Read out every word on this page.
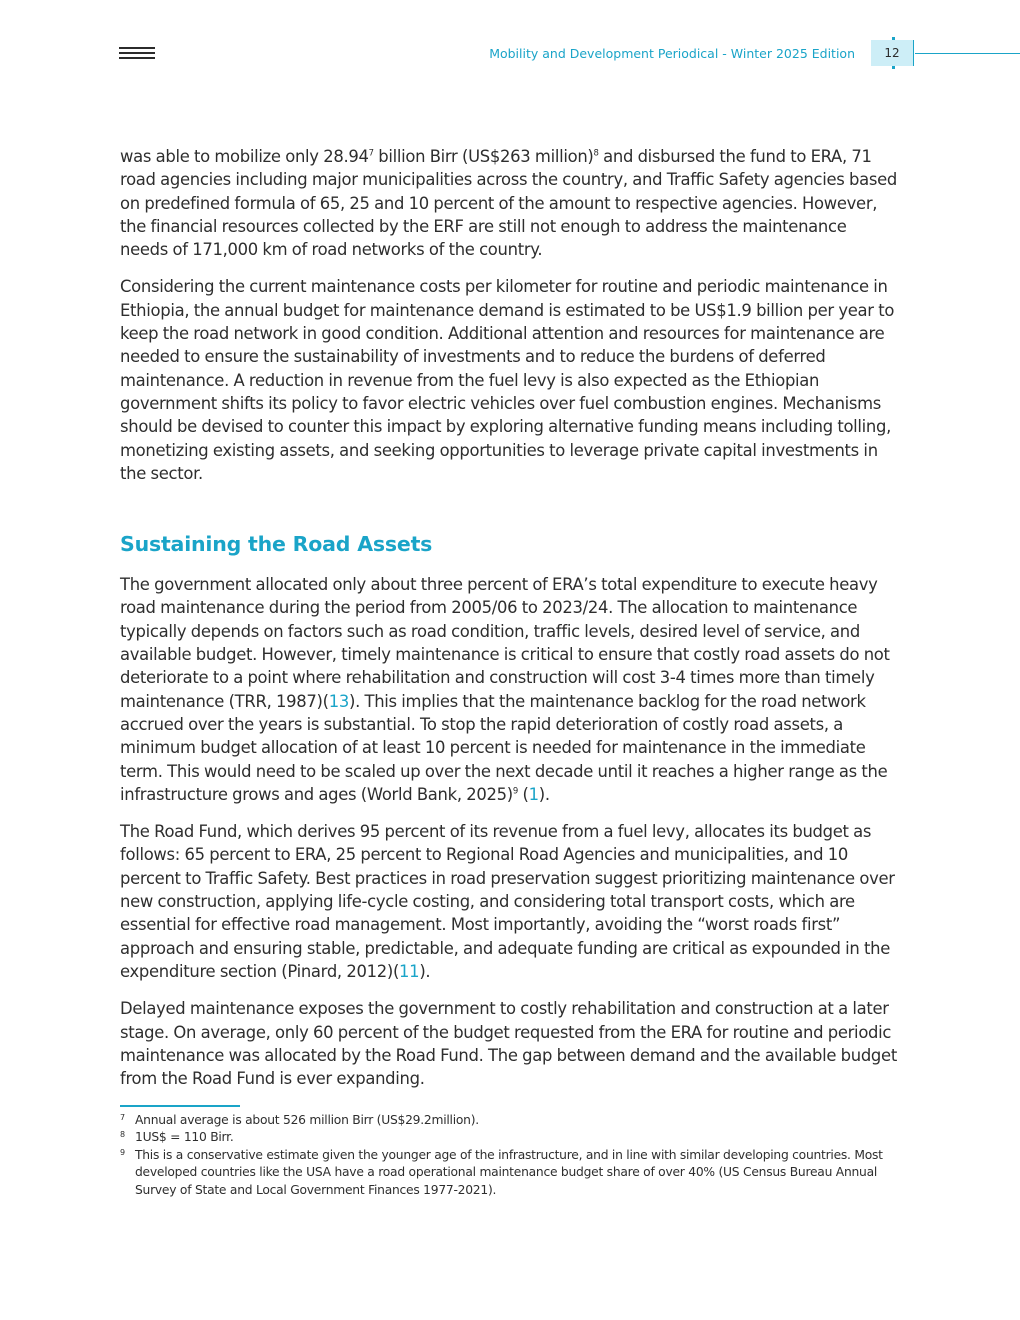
Mobility and Development Periodical - Winter 2025 Edition	12

was able to mobilize only 28.94$^7$ billion Birr (US$263 million)$^8$ and disbursed the fund to ERA, 71 road agencies including major municipalities across the country, and Traffic Safety agencies based on predefined formula of 65, 25 and 10 percent of the amount to respective agencies. However, the financial resources collected by the ERF are still not enough to address the maintenance needs of 171,000 km of road networks of the country.

Considering the current maintenance costs per kilometer for routine and periodic maintenance in Ethiopia, the annual budget for maintenance demand is estimated to be US$1.9 billion per year to keep the road network in good condition. Additional attention and resources for maintenance are needed to ensure the sustainability of investments and to reduce the burdens of deferred maintenance. A reduction in revenue from the fuel levy is also expected as the Ethiopian government shifts its policy to favor electric vehicles over fuel combustion engines. Mechanisms should be devised to counter this impact by exploring alternative funding means including tolling, monetizing existing assets, and seeking opportunities to leverage private capital investments in the sector.

Sustaining the Road Assets

The government allocated only about three percent of ERA’s total expenditure to execute heavy road maintenance during the period from 2005/06 to 2023/24. The allocation to maintenance typically depends on factors such as road condition, traffic levels, desired level of service, and available budget. However, timely maintenance is critical to ensure that costly road assets do not deteriorate to a point where rehabilitation and construction will cost 3-4 times more than timely maintenance (TRR, 1987)(13). This implies that the maintenance backlog for the road network accrued over the years is substantial. To stop the rapid deterioration of costly road assets, a minimum budget allocation of at least 10 percent is needed for maintenance in the immediate term. This would need to be scaled up over the next decade until it reaches a higher range as the infrastructure grows and ages (World Bank, 2025)$^9$ (1).

The Road Fund, which derives 95 percent of its revenue from a fuel levy, allocates its budget as follows: 65 percent to ERA, 25 percent to Regional Road Agencies and municipalities, and 10 percent to Traffic Safety. Best practices in road preservation suggest prioritizing maintenance over new construction, applying life-cycle costing, and considering total transport costs, which are essential for effective road management. Most importantly, avoiding the “worst roads first” approach and ensuring stable, predictable, and adequate funding are critical as expounded in the expenditure section (Pinard, 2012)(11).

Delayed maintenance exposes the government to costly rehabilitation and construction at a later stage. On average, only 60 percent of the budget requested from the ERA for routine and periodic maintenance was allocated by the Road Fund. The gap between demand and the available budget from the Road Fund is ever expanding.

7 Annual average is about 526 million Birr (US$29.2million).
8 1US$ = 110 Birr.
9 This is a conservative estimate given the younger age of the infrastructure, and in line with similar developing countries. Most developed countries like the USA have a road operational maintenance budget share of over 40% (US Census Bureau Annual Survey of State and Local Government Finances 1977-2021).
